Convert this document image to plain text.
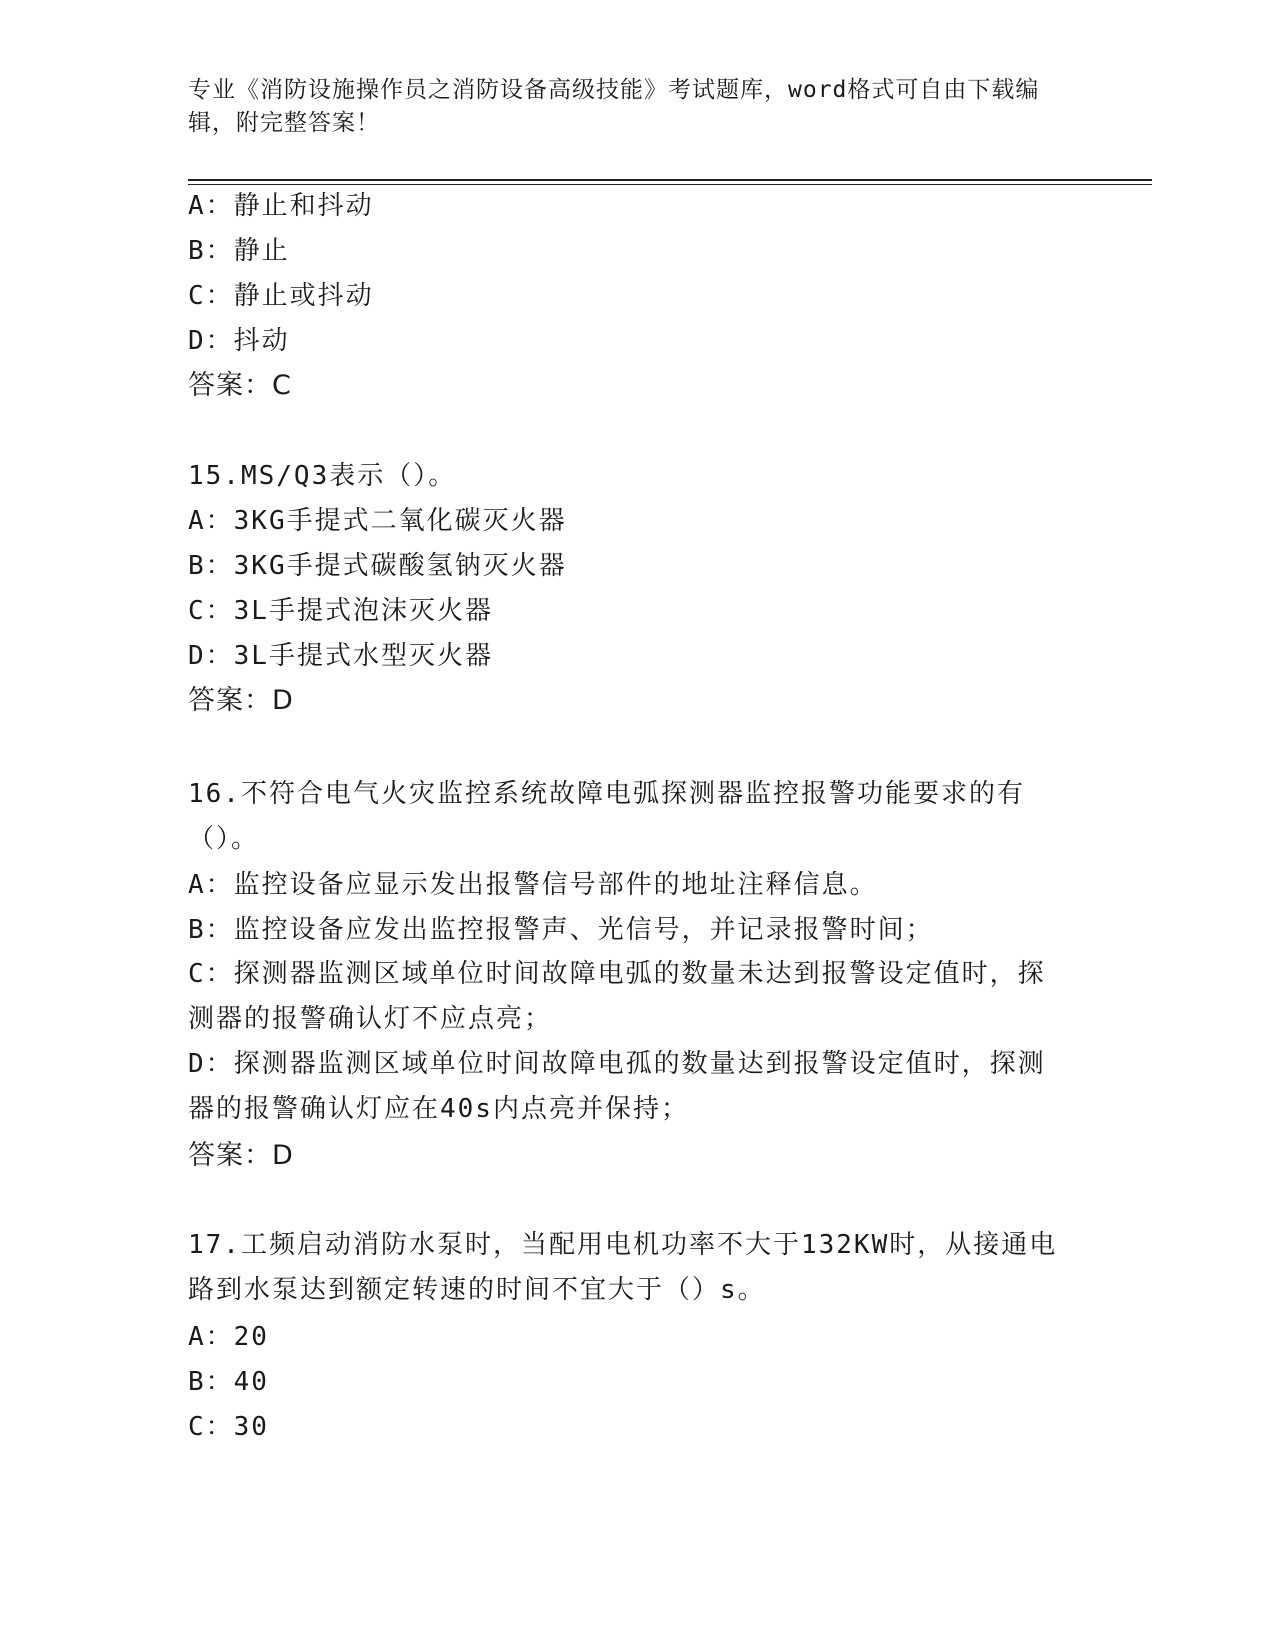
专业《消防设施操作员之消防设备高级技能》考试题库，word格式可自由下载编辑，附完整答案！
A：静止和抖动
B：静止
C：静止或抖动
D：抖动
答案：C
15.MS/Q3表示（）。
A：3KG手提式二氧化碳灭火器
B：3KG手提式碳酸氢钠灭火器
C：3L手提式泡沫灭火器
D：3L手提式水型灭火器
答案：D
16.不符合电气火灾监控系统故障电弧探测器监控报警功能要求的有（）。
A：监控设备应显示发出报警信号部件的地址注释信息。
B：监控设备应发出监控报警声、光信号，并记录报警时间；
C：探测器监测区域单位时间故障电弧的数量未达到报警设定值时，探测器的报警确认灯不应点亮；
D：探测器监测区域单位时间故障电孤的数量达到报警设定值时，探测器的报警确认灯应在40s内点亮并保持；
答案：D
17.工频启动消防水泵时，当配用电机功率不大于132KW时，从接通电路到水泵达到额定转速的时间不宜大于（）s。
A：20
B：40
C：30
